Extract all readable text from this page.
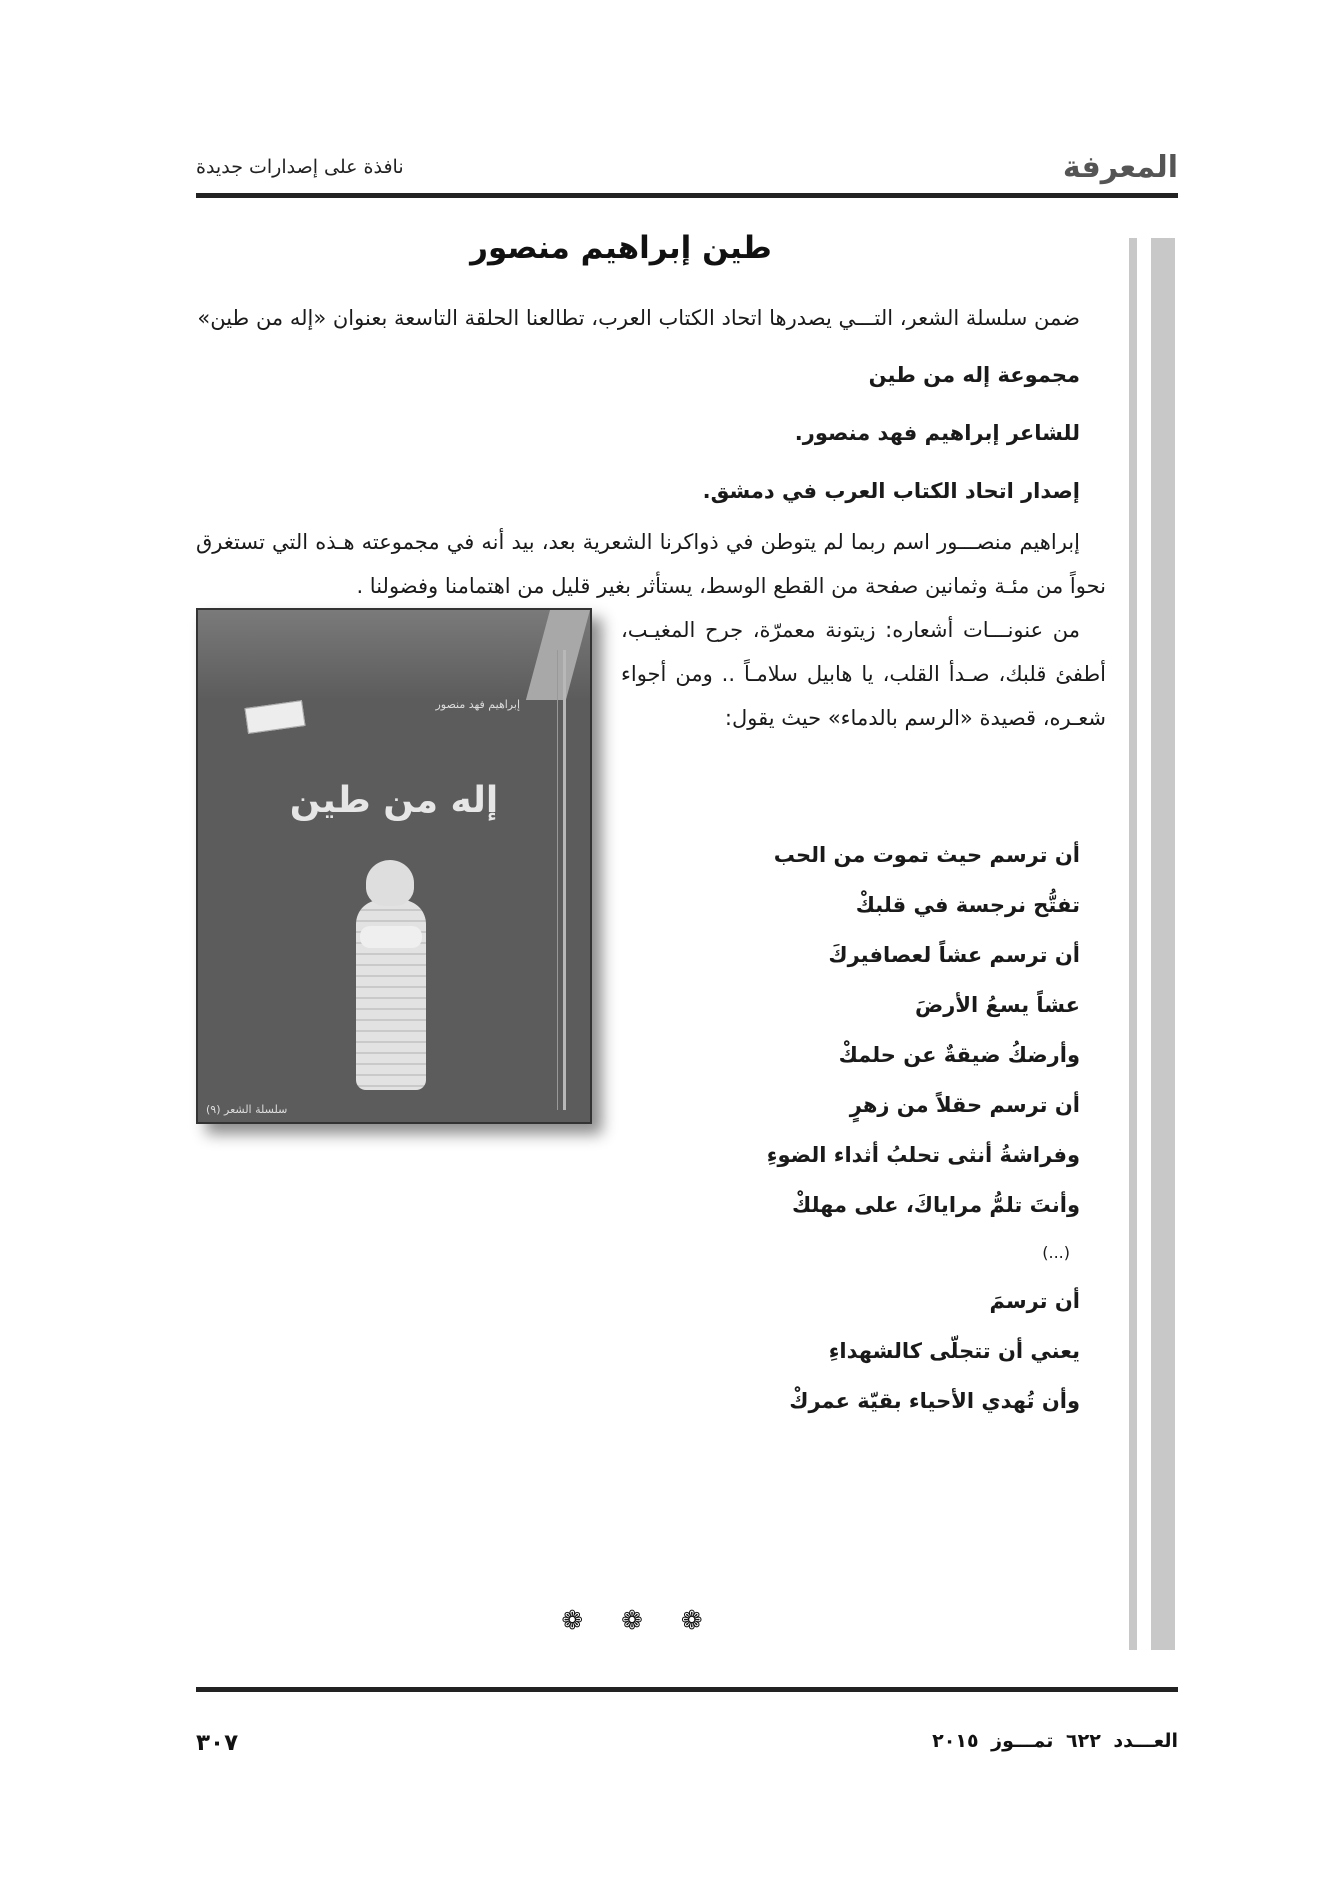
المعرفة
نافذة على إصدارات جديدة
طين إبراهيم منصور

ضمن سلسلة الشعر، التـــي يصدرها اتحاد الكتاب العرب، تطالعنا الحلقة التاسعة بعنوان «إله من طين»

مجموعة إله من طين
للشاعر إبراهيم فهد منصور.
إصدار اتحاد الكتاب العرب في دمشق.

إبراهيم منصـــور اسم ربما لم يتوطن في ذواكرنا الشعرية بعد، بيد أنه في مجموعته هـذه التي تستغرق نحواً من مئـة وثمانين صفحة من القطع الوسط، يستأثر بغير قليل من اهتمامنا وفضولنا .

من عنونـــات أشعاره: زيتونة معمرّة، جرح المغيـب، أطفئ قلبك، صـدأ القلب، يا هابيل سلامـاً .. ومن أجواء شعـره، قصيدة «الرسم بالدماء» حيث يقول:

أن ترسم حيث تموت من الحب
تفتُّح نرجسة في قلبكْ
أن ترسم عشاً لعصافيركَ
عشاً يسعُ الأرضَ
وأرضكُ ضيقةٌ عن حلمكْ
أن ترسم حقلاً من زهرٍ
وفراشةُ أنثى تحلبُ أثداء الضوءِ
وأنتَ تلمُّ مراياكَ، على مهلكْ
(...)
أن ترسمَ
يعني أن تتجلّى كالشهداءِ
وأن تُهدي الأحياء بقيّة عمركْ
إبراهيم فهد منصور
إله من طين
سلسلة الشعر (٩)
❁❁❁
العـــدد ٦٢٢ تمـــوز ٢٠١٥
٣٠٧
